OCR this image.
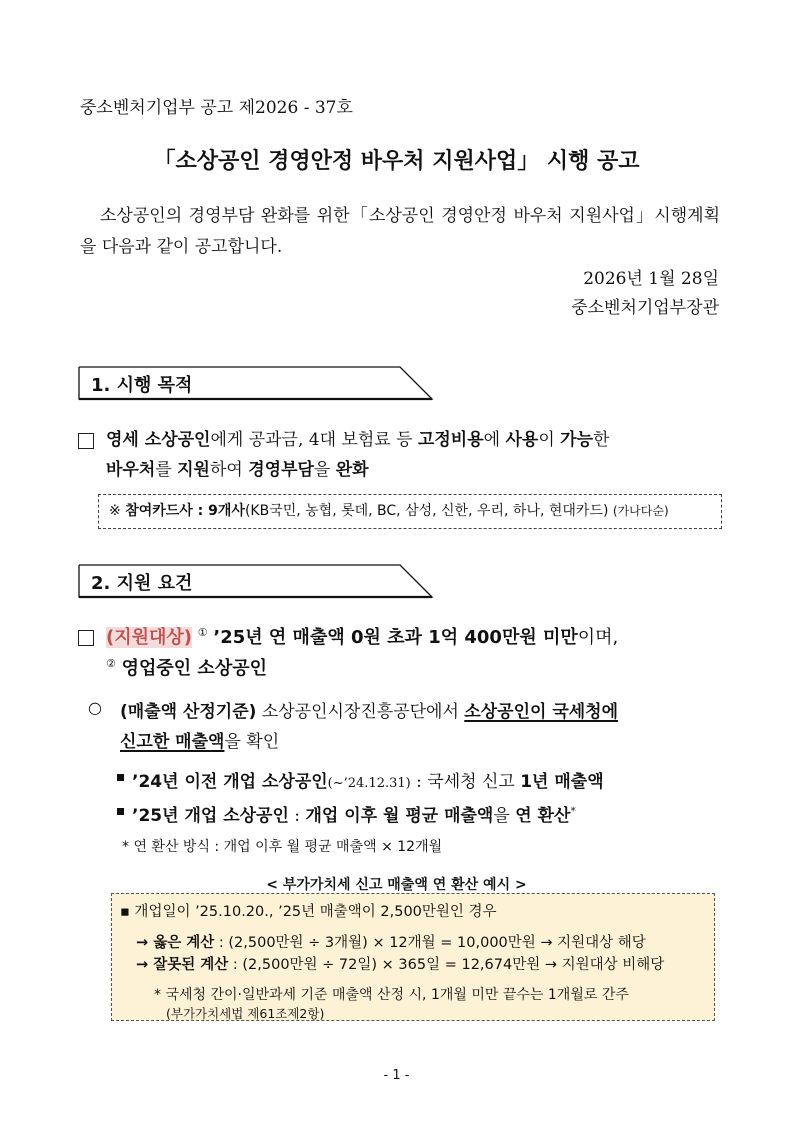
중소벤처기업부 공고 제2026 - 37호
「소상공인 경영안정 바우처 지원사업」 시행 공고
소상공인의 경영부담 완화를 위한「소상공인 경영안정 바우처 지원사업」시행계획을 다음과 같이 공고합니다.
2026년 1월 28일
중소벤처기업부장관
1. 시행 목적
영세 소상공인에게 공과금, 4대 보험료 등 고정비용에 사용이 가능한
바우처를 지원하여 경영부담을 완화
※ 참여카드사 : 9개사(KB국민, 농협, 롯데, BC, 삼성, 신한, 우리, 하나, 현대카드) (가나다순)
2. 지원 요건
(지원대상) ① ’25년 연 매출액 0원 초과 1억 400만원 미만이며,
② 영업중인 소상공인
○ (매출액 산정기준) 소상공인시장진흥공단에서 소상공인이 국세청에
신고한 매출액을 확인
’24년 이전 개업 소상공인(~’24.12.31) : 국세청 신고 1년 매출액
’25년 개업 소상공인 : 개업 이후 월 평균 매출액을 연 환산*
* 연 환산 방식 : 개업 이후 월 평균 매출액 × 12개월
< 부가가치세 신고 매출액 연 환산 예시 >
▪ 개업일이 ’25.10.20., ’25년 매출액이 2,500만원인 경우
→ 옳은 계산 : (2,500만원 ÷ 3개월) × 12개월 = 10,000만원 → 지원대상 해당
→ 잘못된 계산 : (2,500만원 ÷ 72일) × 365일 = 12,674만원 → 지원대상 비해당
* 국세청 간이·일반과세 기준 매출액 산정 시, 1개월 미만 끝수는 1개월로 간주
(부가가치세법 제61조제2항)
- 1 -
